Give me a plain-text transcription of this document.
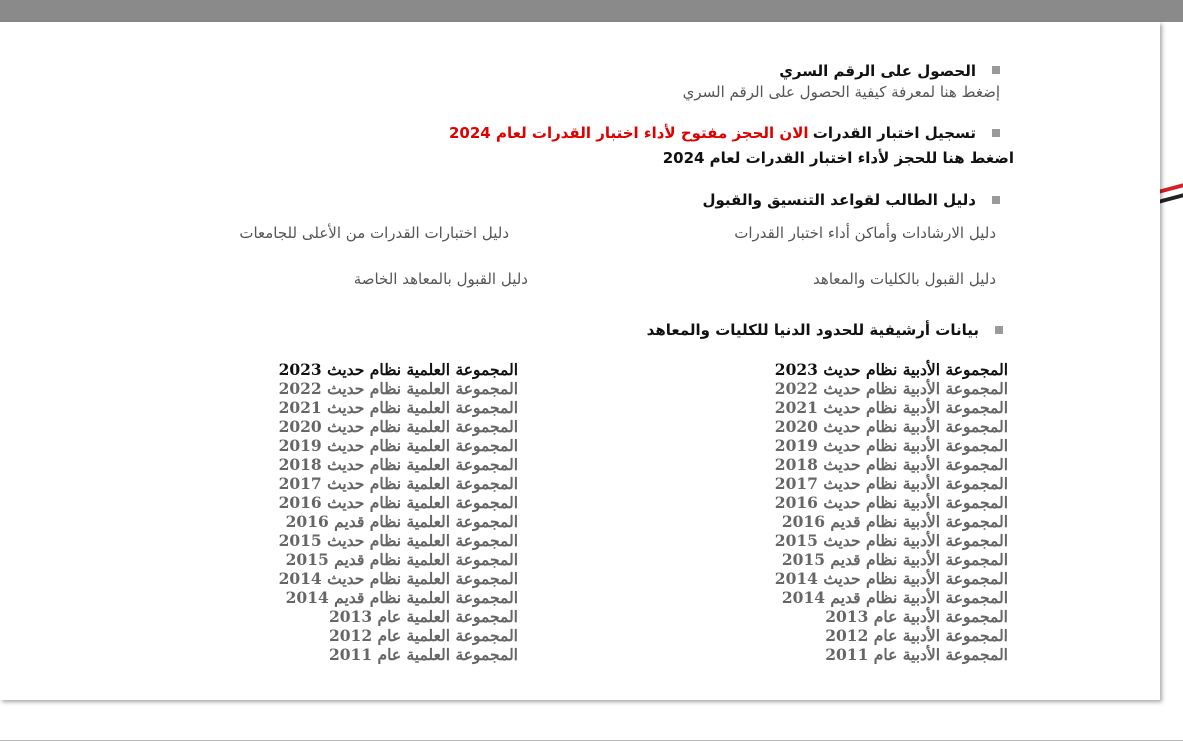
الحصول على الرقم السري
إضغط هنا لمعرفة كيفية الحصول على الرقم السري
تسجيل اختبار القدرات
الان الحجز مفتوح لأداء اختبار القدرات لعام 2024
اضغط هنا للحجز لأداء اختبار القدرات لعام 2024
دليل الطالب لقواعد التنسيق والقبول
دليل الارشادات وأماكن أداء اختبار القدرات
دليل اختبارات القدرات من الأعلى للجامعات
دليل القبول بالكليات والمعاهد
دليل القبول بالمعاهد الخاصة
بيانات أرشيفية للحدود الدنيا للكليات والمعاهد
المجموعة الأدبية نظام حديث 2023
المجموعة الأدبية نظام حديث 2022
المجموعة الأدبية نظام حديث 2021
المجموعة الأدبية نظام حديث 2020
المجموعة الأدبية نظام حديث 2019
المجموعة الأدبية نظام حديث 2018
المجموعة الأدبية نظام حديث 2017
المجموعة الأدبية نظام حديث 2016
المجموعة الأدبية نظام قديم 2016
المجموعة الأدبية نظام حديث 2015
المجموعة الأدبية نظام قديم 2015
المجموعة الأدبية نظام حديث 2014
المجموعة الأدبية نظام قديم 2014
المجموعة الأدبية عام 2013
المجموعة الأدبية عام 2012
المجموعة الأدبية عام 2011
المجموعة العلمية نظام حديث 2023
المجموعة العلمية نظام حديث 2022
المجموعة العلمية نظام حديث 2021
المجموعة العلمية نظام حديث 2020
المجموعة العلمية نظام حديث 2019
المجموعة العلمية نظام حديث 2018
المجموعة العلمية نظام حديث 2017
المجموعة العلمية نظام حديث 2016
المجموعة العلمية نظام قديم 2016
المجموعة العلمية نظام حديث 2015
المجموعة العلمية نظام قديم 2015
المجموعة العلمية نظام حديث 2014
المجموعة العلمية نظام قديم 2014
المجموعة العلمية عام 2013
المجموعة العلمية عام 2012
المجموعة العلمية عام 2011
